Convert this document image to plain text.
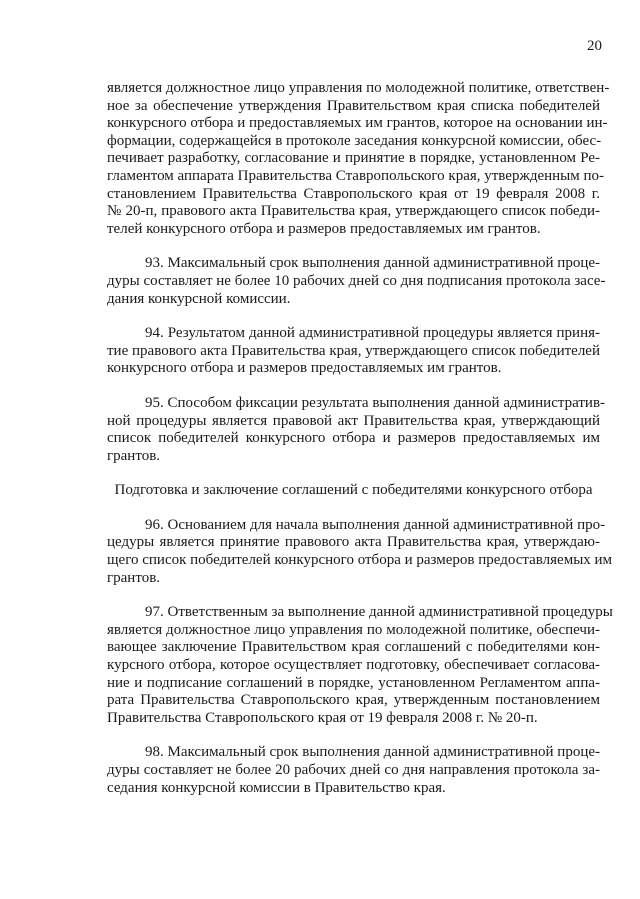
20

является должностное лицо управления по молодежной политике, ответствен-
ное за обеспечение утверждения Правительством края списка победителей
конкурсного отбора и предоставляемых им грантов, которое на основании ин-
формации, содержащейся в протоколе заседания конкурсной комиссии, обес-
печивает разработку, согласование и принятие в порядке, установленном Ре-
гламентом аппарата Правительства Ставропольского края, утвержденным по-
становлением Правительства Ставропольского края от 19 февраля 2008 г.
№ 20-п, правового акта Правительства края, утверждающего список победи-
телей конкурсного отбора и размеров предоставляемых им грантов.

93. Максимальный срок выполнения данной административной проце-
дуры составляет не более 10 рабочих дней со дня подписания протокола засе-
дания конкурсной комиссии.

94. Результатом данной административной процедуры является приня-
тие правового акта Правительства края, утверждающего список победителей
конкурсного отбора и размеров предоставляемых им грантов.

95. Способом фиксации результата выполнения данной административ-
ной процедуры является правовой акт Правительства края, утверждающий
список победителей конкурсного отбора и размеров предоставляемых им
грантов.

Подготовка и заключение соглашений с победителями конкурсного отбора

96. Основанием для начала выполнения данной административной про-
цедуры является принятие правового акта Правительства края, утверждаю-
щего список победителей конкурсного отбора и размеров предоставляемых им
грантов.

97. Ответственным за выполнение данной административной процедуры
является должностное лицо управления по молодежной политике, обеспечи-
вающее заключение Правительством края соглашений с победителями кон-
курсного отбора, которое осуществляет подготовку, обеспечивает согласова-
ние и подписание соглашений в порядке, установленном Регламентом аппа-
рата Правительства Ставропольского края, утвержденным постановлением
Правительства Ставропольского края от 19 февраля 2008 г. № 20-п.

98. Максимальный срок выполнения данной административной проце-
дуры составляет не более 20 рабочих дней со дня направления протокола за-
седания конкурсной комиссии в Правительство края.
